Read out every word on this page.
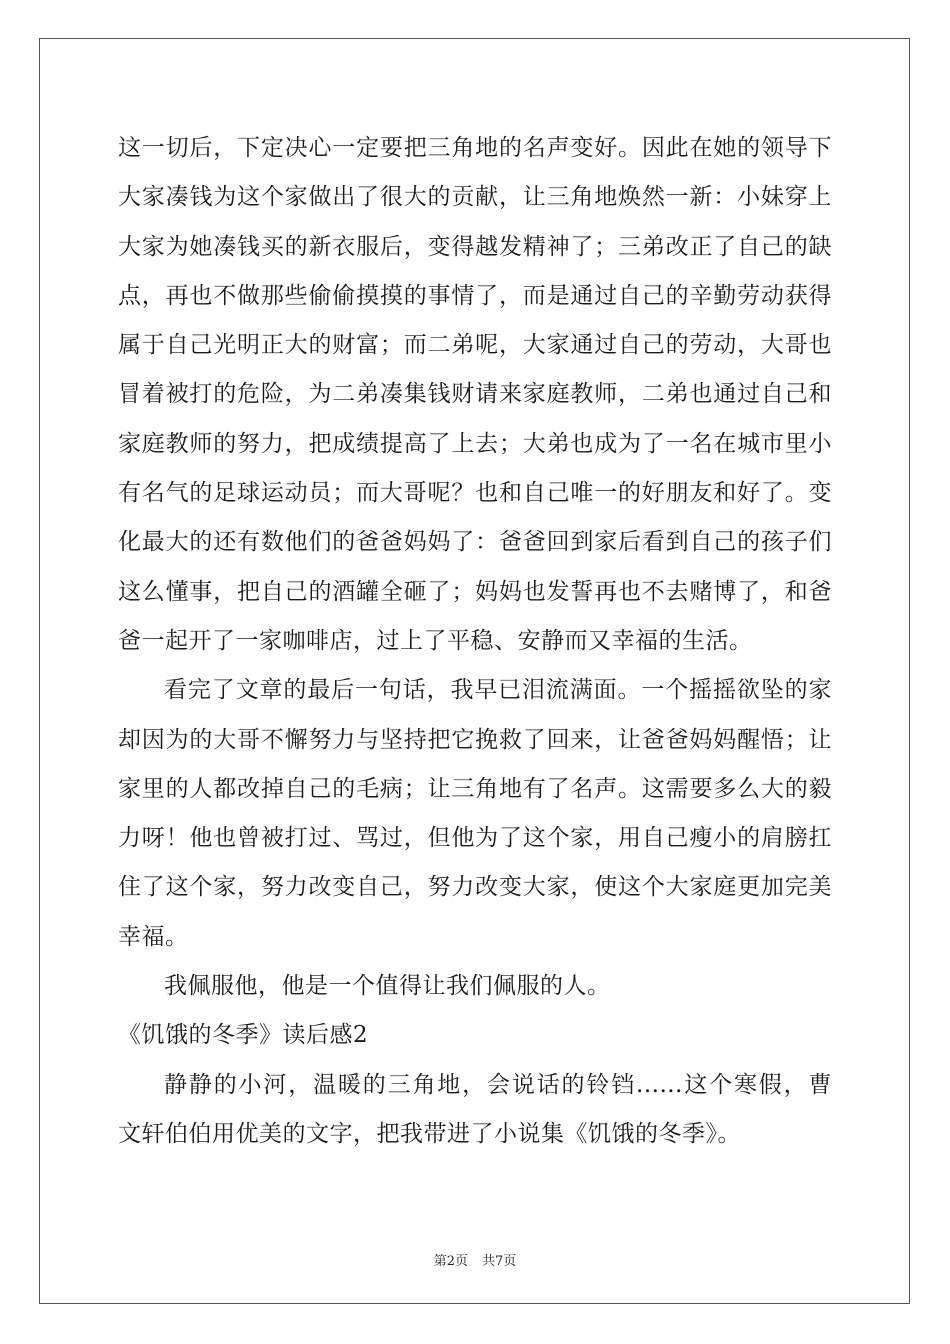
这一切后，下定决心一定要把三角地的名声变好。因此在她的领导下
大家凑钱为这个家做出了很大的贡献，让三角地焕然一新：小妹穿上
大家为她凑钱买的新衣服后，变得越发精神了；三弟改正了自己的缺
点，再也不做那些偷偷摸摸的事情了，而是通过自己的辛勤劳动获得
属于自己光明正大的财富；而二弟呢，大家通过自己的劳动，大哥也
冒着被打的危险，为二弟凑集钱财请来家庭教师，二弟也通过自己和
家庭教师的努力，把成绩提高了上去；大弟也成为了一名在城市里小
有名气的足球运动员；而大哥呢？也和自己唯一的好朋友和好了。变
化最大的还有数他们的爸爸妈妈了：爸爸回到家后看到自己的孩子们
这么懂事，把自己的酒罐全砸了；妈妈也发誓再也不去赌博了，和爸
爸一起开了一家咖啡店，过上了平稳、安静而又幸福的生活。
看完了文章的最后一句话，我早已泪流满面。一个摇摇欲坠的家
却因为的大哥不懈努力与坚持把它挽救了回来，让爸爸妈妈醒悟；让
家里的人都改掉自己的毛病；让三角地有了名声。这需要多么大的毅
力呀！他也曾被打过、骂过，但他为了这个家，用自己瘦小的肩膀扛
住了这个家，努力改变自己，努力改变大家，使这个大家庭更加完美
幸福。
我佩服他，他是一个值得让我们佩服的人。
《饥饿的冬季》读后感2
静静的小河，温暖的三角地，会说话的铃铛......这个寒假，曹
文轩伯伯用优美的文字，把我带进了小说集《饥饿的冬季》。
第2页 共7页
